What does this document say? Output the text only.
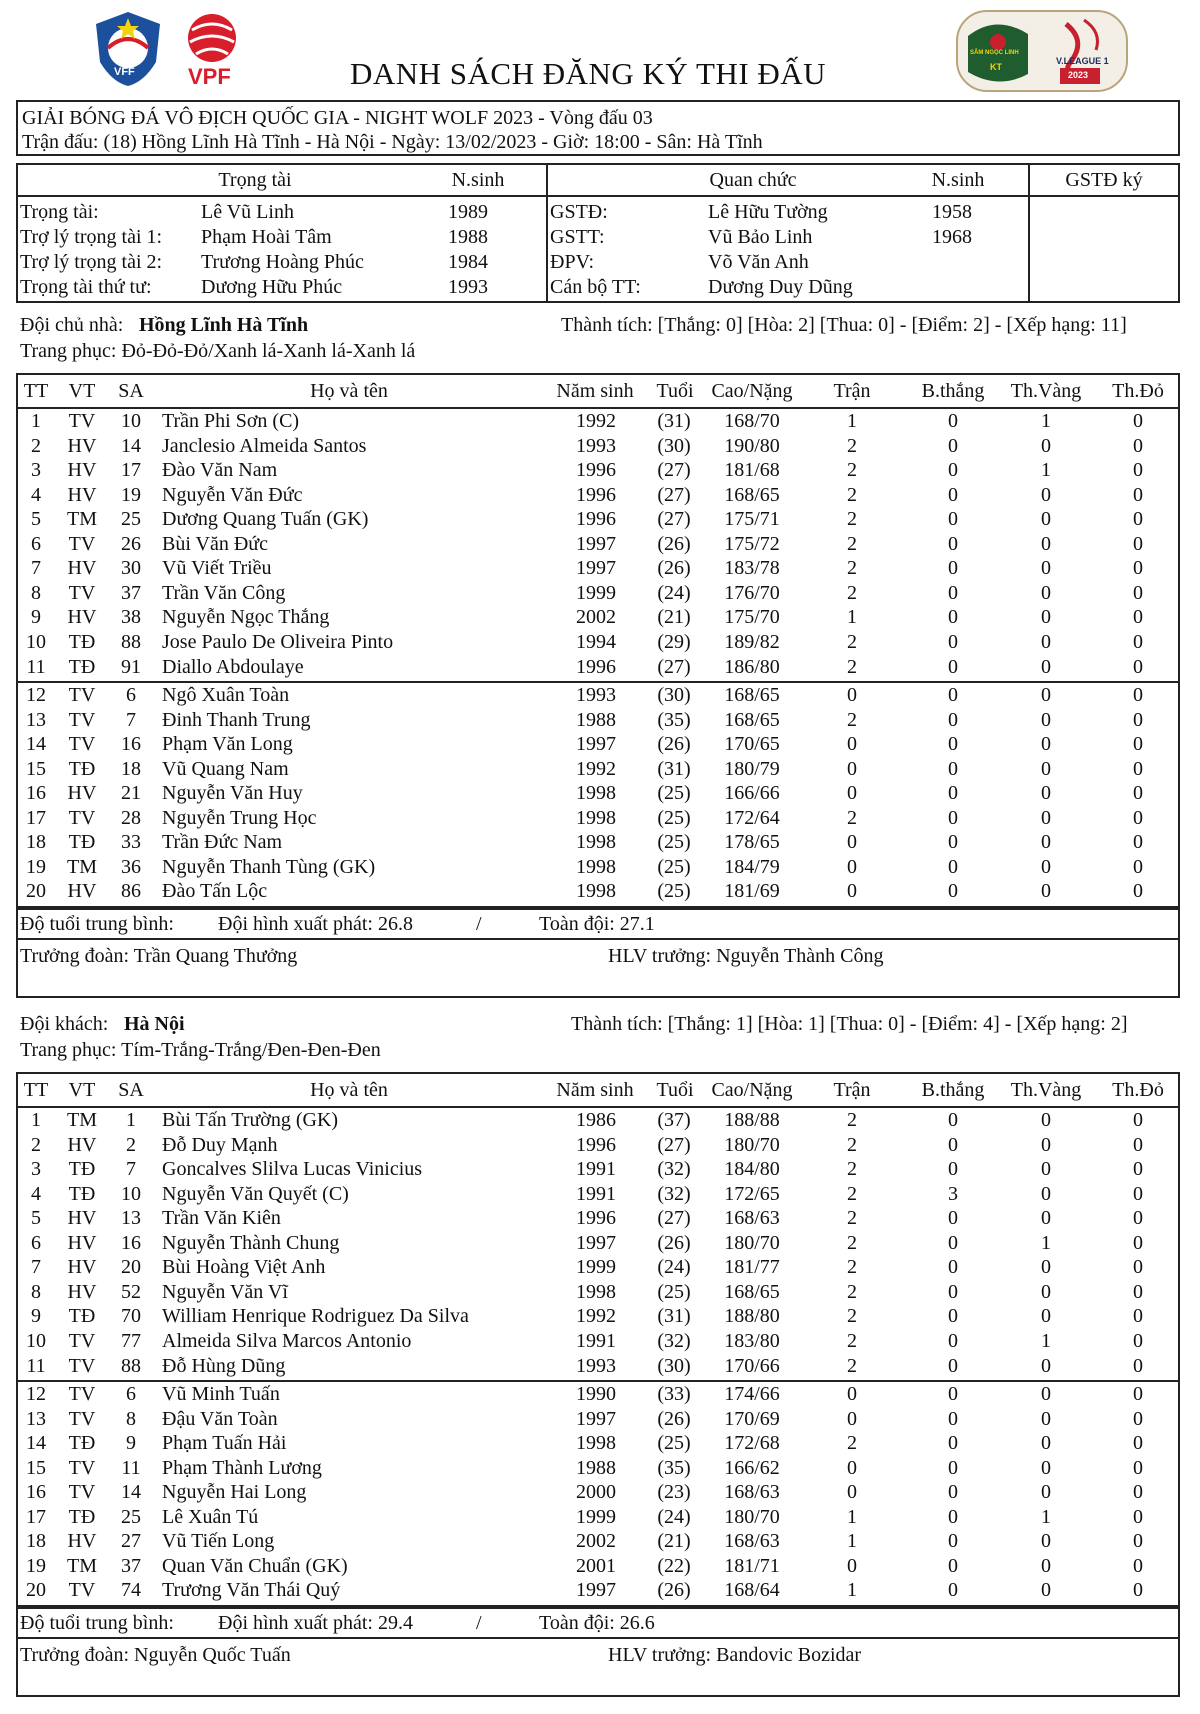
VFF VPF	DANH SÁCH ĐĂNG KÝ THI ĐẤU
SÂM NGỌC LINH
KT
V.LEAGUE 1
2023
GIẢI BÓNG ĐÁ VÔ ĐỊCH QUỐC GIA - NIGHT WOLF 2023 - Vòng đấu 03
Trận đấu: (18) Hồng Lĩnh Hà Tĩnh - Hà Nội - Ngày: 13/02/2023 - Giờ: 18:00 - Sân: Hà Tĩnh
Trọng tài	N.sinh	Quan chức	N.sinh	GSTĐ ký
Trọng tài:	Lê Vũ Linh	1989
Trợ lý trọng tài 1: Phạm Hoài Tâm	1988
Trợ lý trọng tài 2: Trương Hoàng Phúc	1984
Trọng tài thứ tư: Dương Hữu Phúc	1993
GSTĐ:	Lê Hữu Tường	1958
GSTT:	Vũ Bảo Linh	1968
ĐPV:	Võ Văn Anh
Cán bộ TT:	Dương Duy Dũng
Đội chủ nhà: Hồng Lĩnh Hà Tĩnh	Thành tích: [Thắng: 0] [Hòa: 2] [Thua: 0] - [Điểm: 2] - [Xếp hạng: 11]
Trang phục: Đỏ-Đỏ-Đỏ/Xanh lá-Xanh lá-Xanh lá
TT VT SA	Họ và tên	Năm sinh Tuổi Cao/Nặng Trận	B.thắng Th.Vàng Th.Đỏ
1 TV 10 Trần Phi Sơn (C)	1992 (31) 168/70	1	0	1	0
2 HV 14 Janclesio Almeida Santos	1993 (30) 190/80	2	0	0	0
3 HV 17 Đào Văn Nam	1996 (27) 181/68	2	0	1	0
4 HV 19 Nguyễn Văn Đức	1996 (27) 168/65	2	0	0	0
5 TM 25 Dương Quang Tuấn (GK)	1996 (27) 175/71	2	0	0	0
6 TV 26 Bùi Văn Đức	1997 (26) 175/72	2	0	0	0
7 HV 30 Vũ Viết Triều	1997 (26) 183/78	2	0	0	0
8 TV 37 Trần Văn Công	1999 (24) 176/70	2	0	0	0
9 HV 38 Nguyễn Ngọc Thắng	2002 (21) 175/70	1	0	0	0
10 TĐ 88 Jose Paulo De Oliveira Pinto	1994 (29) 189/82	2	0	0	0
11 TĐ 91 Diallo Abdoulaye	1996 (27) 186/80	2	0	0	0
12 TV 6 Ngô Xuân Toàn	1993 (30) 168/65	0	0	0	0
13 TV 7 Đinh Thanh Trung	1988 (35) 168/65	2	0	0	0
14 TV 16 Phạm Văn Long	1997 (26) 170/65	0	0	0	0
15 TĐ 18 Vũ Quang Nam	1992 (31) 180/79	0	0	0	0
16 HV 21 Nguyễn Văn Huy	1998 (25) 166/66	0	0	0	0
17 TV 28 Nguyễn Trung Học	1998 (25) 172/64	2	0	0	0
18 TĐ 33 Trần Đức Nam	1998 (25) 178/65	0	0	0	0
19 TM 36 Nguyễn Thanh Tùng (GK)	1998 (25) 184/79	0	0	0	0
20 HV 86 Đào Tấn Lộc	1998 (25) 181/69	0	0	0	0
Độ tuổi trung bình: Đội hình xuất phát: 26.8	/	Toàn đội: 27.1
Trưởng đoàn: Trần Quang Thưởng	HLV trưởng: Nguyễn Thành Công
Đội khách: Hà Nội	Thành tích: [Thắng: 1] [Hòa: 1] [Thua: 0] - [Điểm: 4] - [Xếp hạng: 2]
Trang phục: Tím-Trắng-Trắng/Đen-Đen-Đen
TT VT SA	Họ và tên	Năm sinh Tuổi Cao/Nặng Trận	B.thắng Th.Vàng Th.Đỏ
1 TM 1 Bùi Tấn Trường (GK)	1986 (37) 188/88	2	0	0	0
2 HV 2 Đỗ Duy Mạnh	1996 (27) 180/70	2	0	0	0
3 TĐ 7 Goncalves Slilva Lucas Vinicius	1991 (32) 184/80	2	0	0	0
4 TĐ 10 Nguyễn Văn Quyết (C)	1991 (32) 172/65	2	3	0	0
5 HV 13 Trần Văn Kiên	1996 (27) 168/63	2	0	0	0
6 HV 16 Nguyễn Thành Chung	1997 (26) 180/70	2	0	1	0
7 HV 20 Bùi Hoàng Việt Anh	1999 (24) 181/77	2	0	0	0
8 HV 52 Nguyễn Văn Vĩ	1998 (25) 168/65	2	0	0	0
9 TĐ 70 William Henrique Rodriguez Da Silva	1992 (31) 188/80	2	0	0	0
10 TV 77 Almeida Silva Marcos Antonio	1991 (32) 183/80	2	0	1	0
11 TV 88 Đỗ Hùng Dũng	1993 (30) 170/66	2	0	0	0
12 TV 6 Vũ Minh Tuấn	1990 (33) 174/66	0	0	0	0
13 TV 8 Đậu Văn Toàn	1997 (26) 170/69	0	0	0	0
14 TĐ 9 Phạm Tuấn Hải	1998 (25) 172/68	2	0	0	0
15 TV 11 Phạm Thành Lương	1988 (35) 166/62	0	0	0	0
16 TV 14 Nguyễn Hai Long	2000 (23) 168/63	0	0	0	0
17 TĐ 25 Lê Xuân Tú	1999 (24) 180/70	1	0	1	0
18 HV 27 Vũ Tiến Long	2002 (21) 168/63	1	0	0	0
19 TM 37 Quan Văn Chuẩn (GK)	2001 (22) 181/71	0	0	0	0
20 TV 74 Trương Văn Thái Quý	1997 (26) 168/64	1	0	0	0
Độ tuổi trung bình: Đội hình xuất phát: 29.4	/	Toàn đội: 26.6
Trưởng đoàn: Nguyễn Quốc Tuấn	HLV trưởng: Bandovic Bozidar
